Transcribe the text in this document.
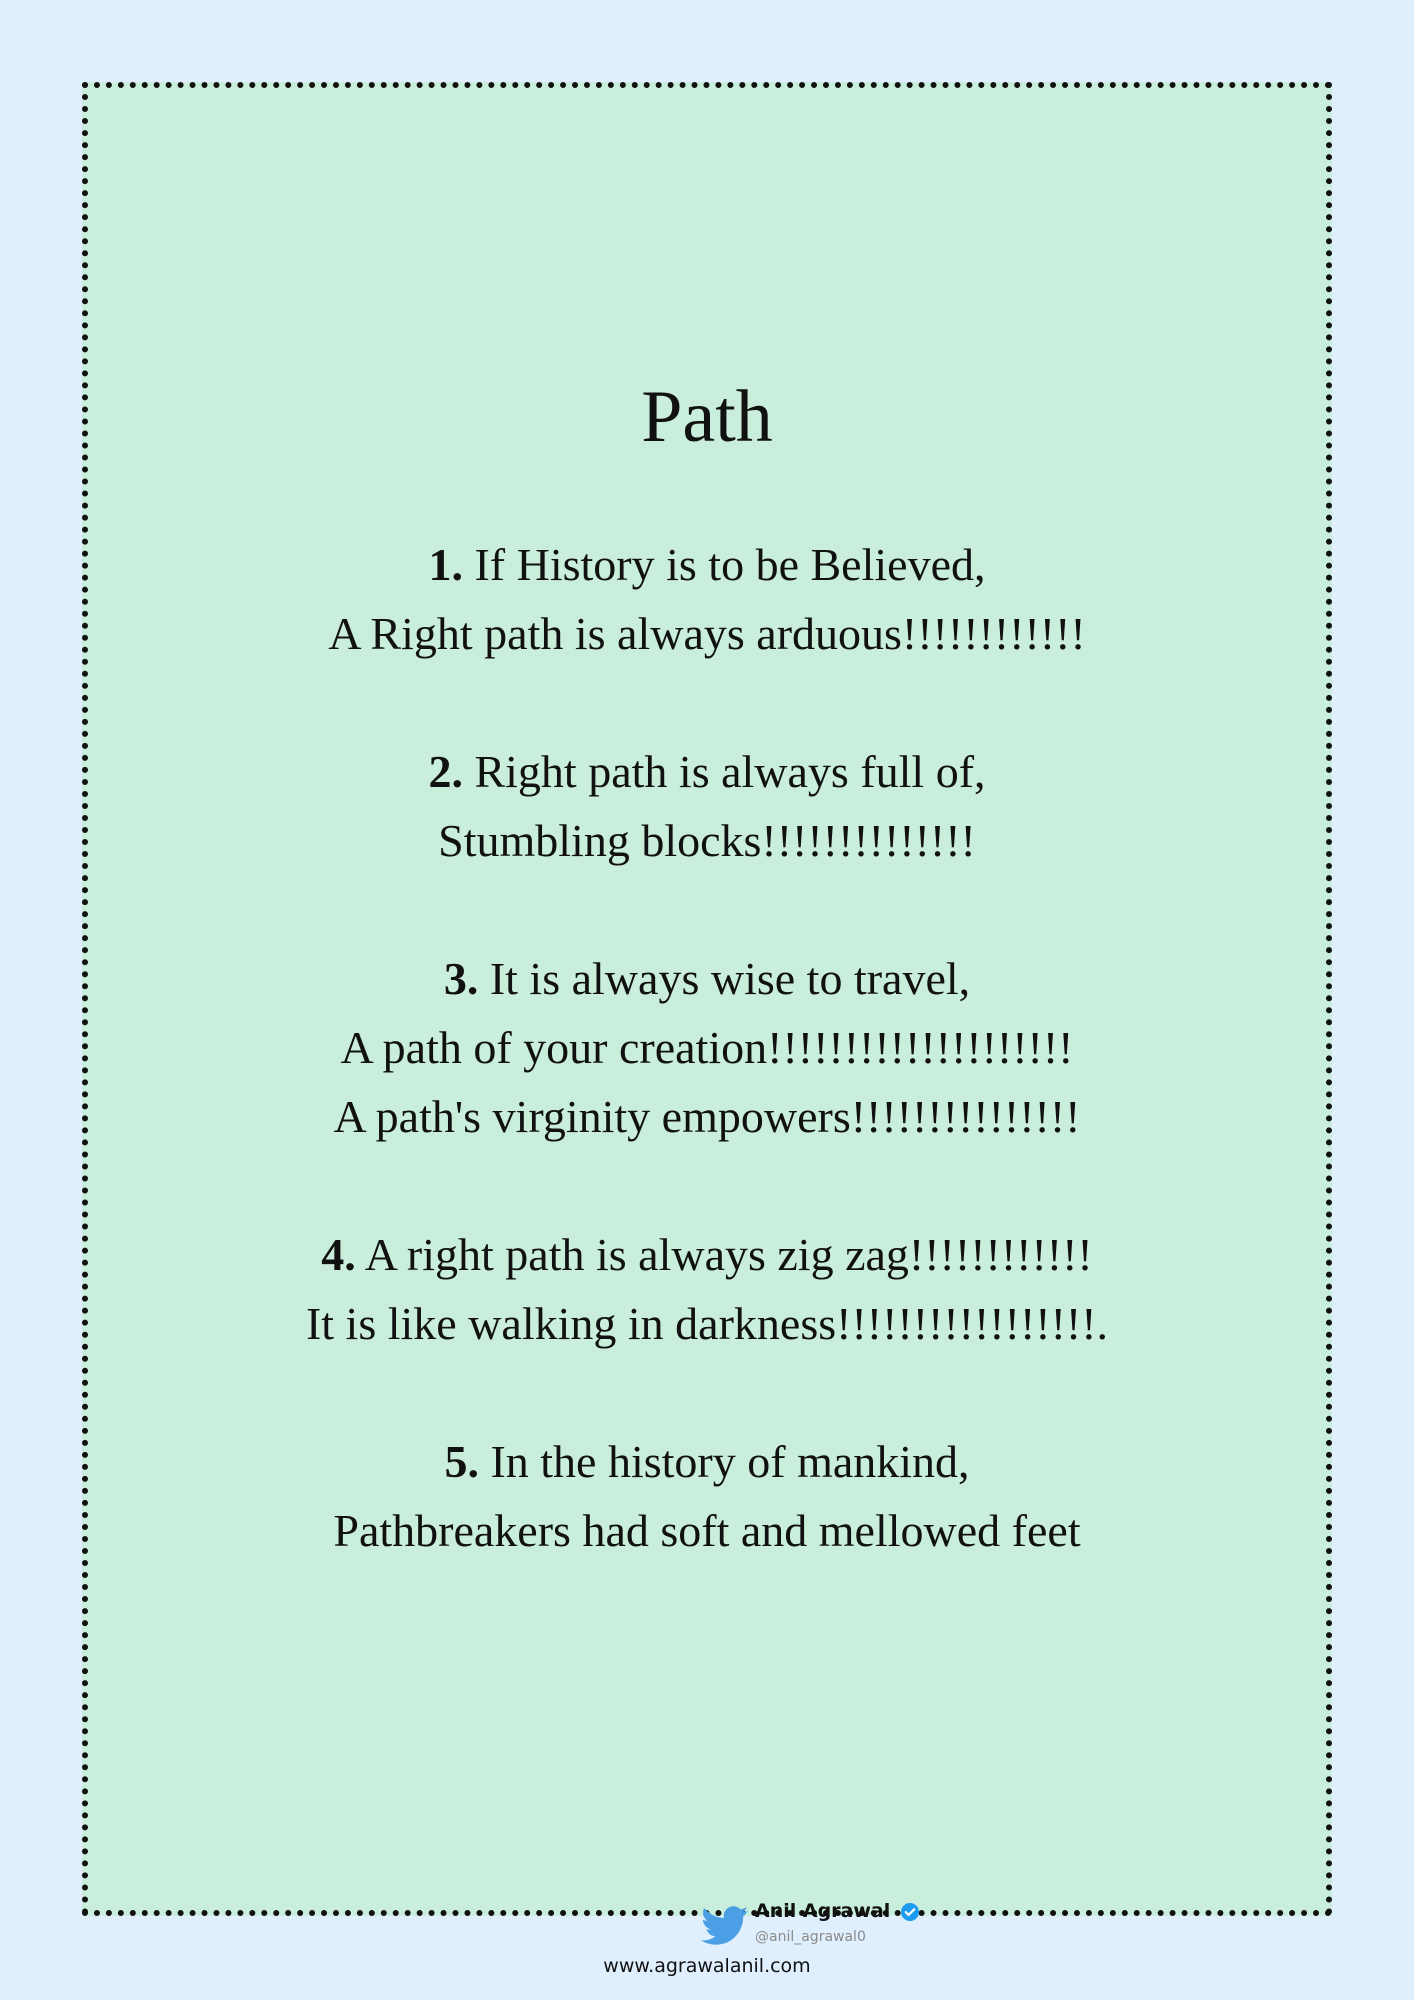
Path
1. If History is to be Believed,
A Right path is always arduous!!!!!!!!!!!!
2. Right path is always full of,
Stumbling blocks!!!!!!!!!!!!!!
3. It is always wise to travel,
A path of your creation!!!!!!!!!!!!!!!!!!!!
A path's virginity empowers!!!!!!!!!!!!!!!
4. A right path is always zig zag!!!!!!!!!!!!
It is like walking in darkness!!!!!!!!!!!!!!!!!.
5. In the history of mankind,
Pathbreakers had soft and mellowed feet
Anil Agrawal
@anil_agrawal0
www.agrawalanil.com
